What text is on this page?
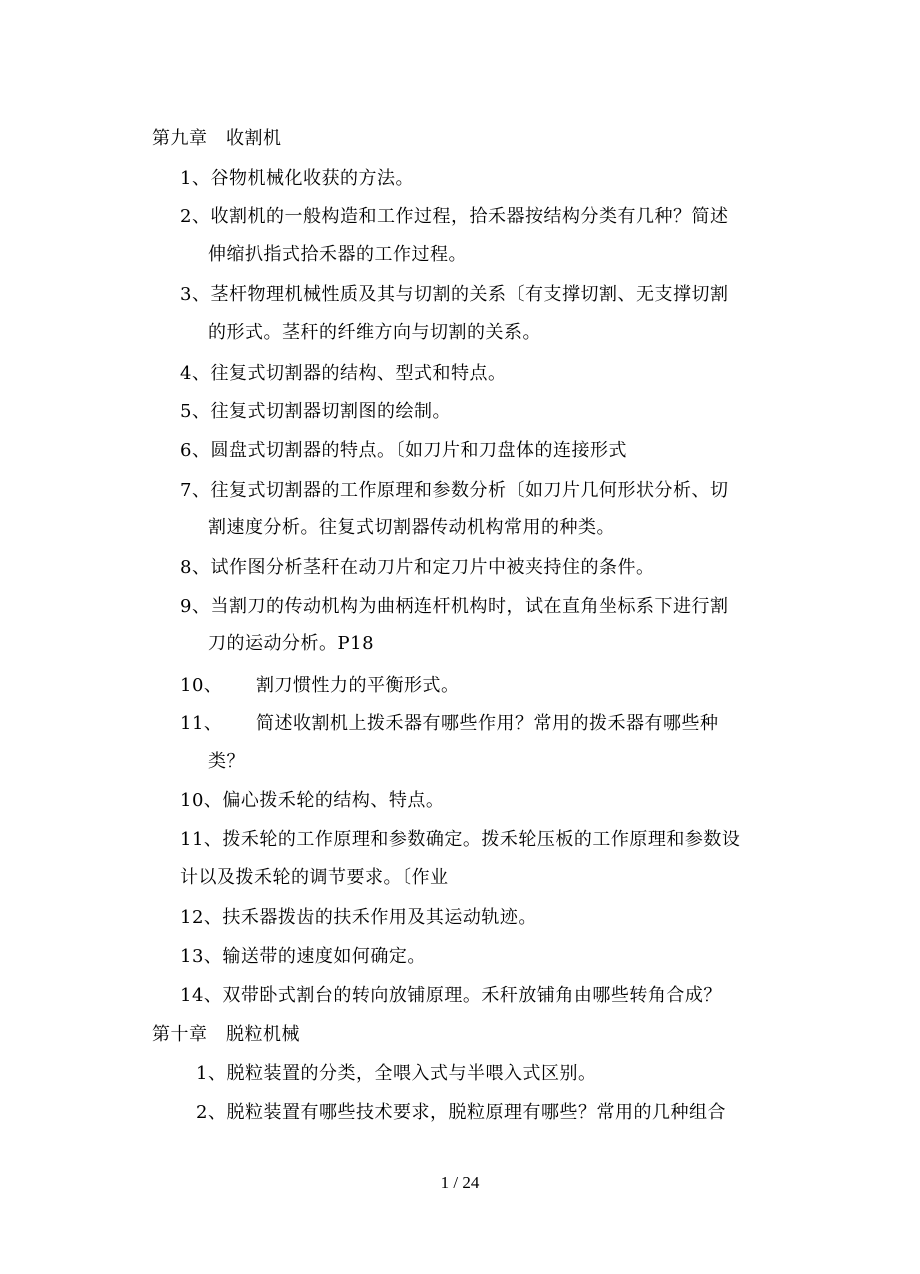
第九章　收割机
1、谷物机械化收获的方法。
2、收割机的一般构造和工作过程，拾禾器按结构分类有几种？简述
伸缩扒指式拾禾器的工作过程。
3、茎杆物理机械性质及其与切割的关系〔有支撑切割、无支撑切割
的形式。茎秆的纤维方向与切割的关系。
4、往复式切割器的结构、型式和特点。
5、往复式切割器切割图的绘制。
6、圆盘式切割器的特点。〔如刀片和刀盘体的连接形式
7、往复式切割器的工作原理和参数分析〔如刀片几何形状分析、切
割速度分析。往复式切割器传动机构常用的种类。
8、试作图分析茎秆在动刀片和定刀片中被夹持住的条件。
9、当割刀的传动机构为曲柄连杆机构时，试在直角坐标系下进行割
刀的运动分析。P18
10、 割刀惯性力的平衡形式。
11、 简述收割机上拨禾器有哪些作用？常用的拨禾器有哪些种
类？
10、偏心拨禾轮的结构、特点。
11、拨禾轮的工作原理和参数确定。拨禾轮压板的工作原理和参数设
计以及拨禾轮的调节要求。〔作业
12、扶禾器拨齿的扶禾作用及其运动轨迹。
13、输送带的速度如何确定。
14、双带卧式割台的转向放铺原理。禾秆放铺角由哪些转角合成？
第十章　脱粒机械
1、脱粒装置的分类，全喂入式与半喂入式区别。
2、脱粒装置有哪些技术要求，脱粒原理有哪些？常用的几种组合
1 / 24
